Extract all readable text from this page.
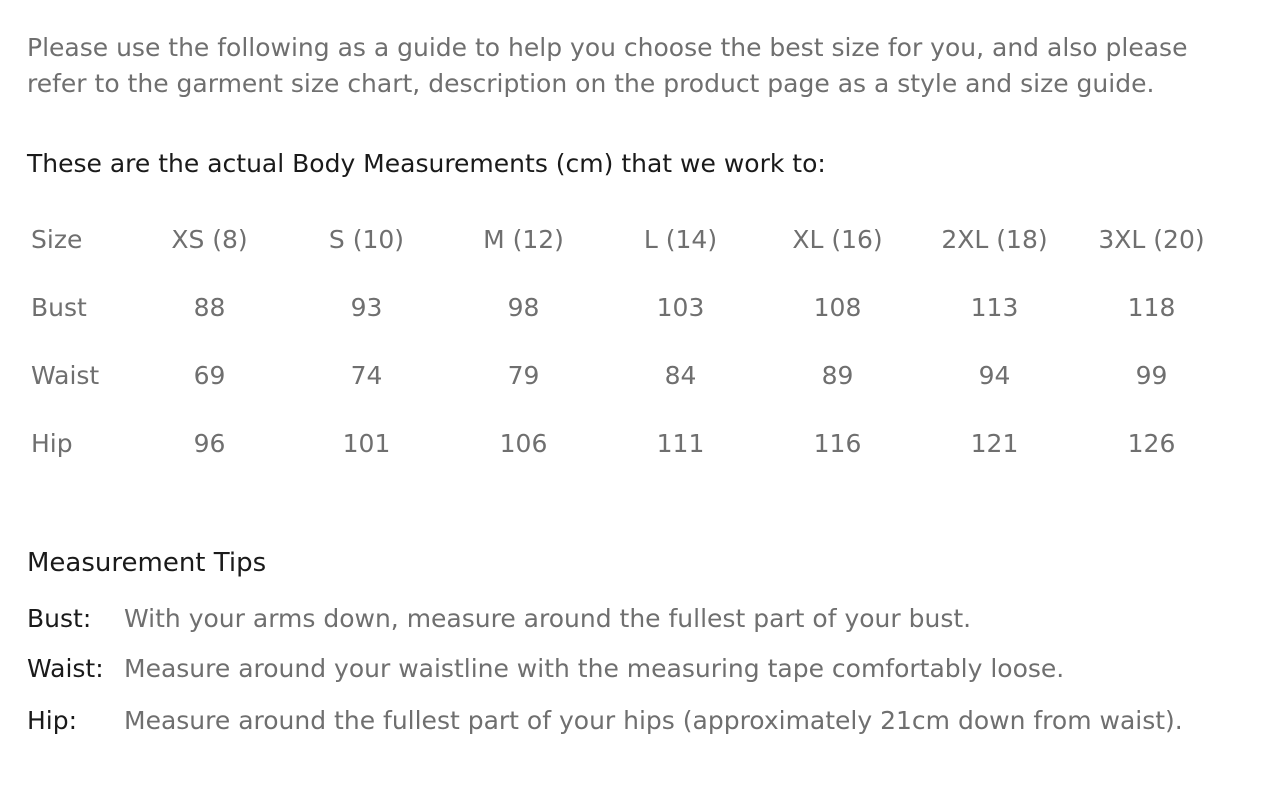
Please use the following as a guide to help you choose the best size for you, and also please
refer to the garment size chart, description on the product page as a style and size guide.

These are the actual Body Measurements (cm) that we work to:

Size	XS (8)	S (10)	M (12)	L (14)	XL (16)	2XL (18)	3XL (20)
Bust	88	93	98	103	108	113	118
Waist	69	74	79	84	89	94	99
Hip	96	101	106	111	116	121	126

Measurement Tips

Bust: With your arms down, measure around the fullest part of your bust.
Waist: Measure around your waistline with the measuring tape comfortably loose.
Hip: Measure around the fullest part of your hips (approximately 21cm down from waist).
